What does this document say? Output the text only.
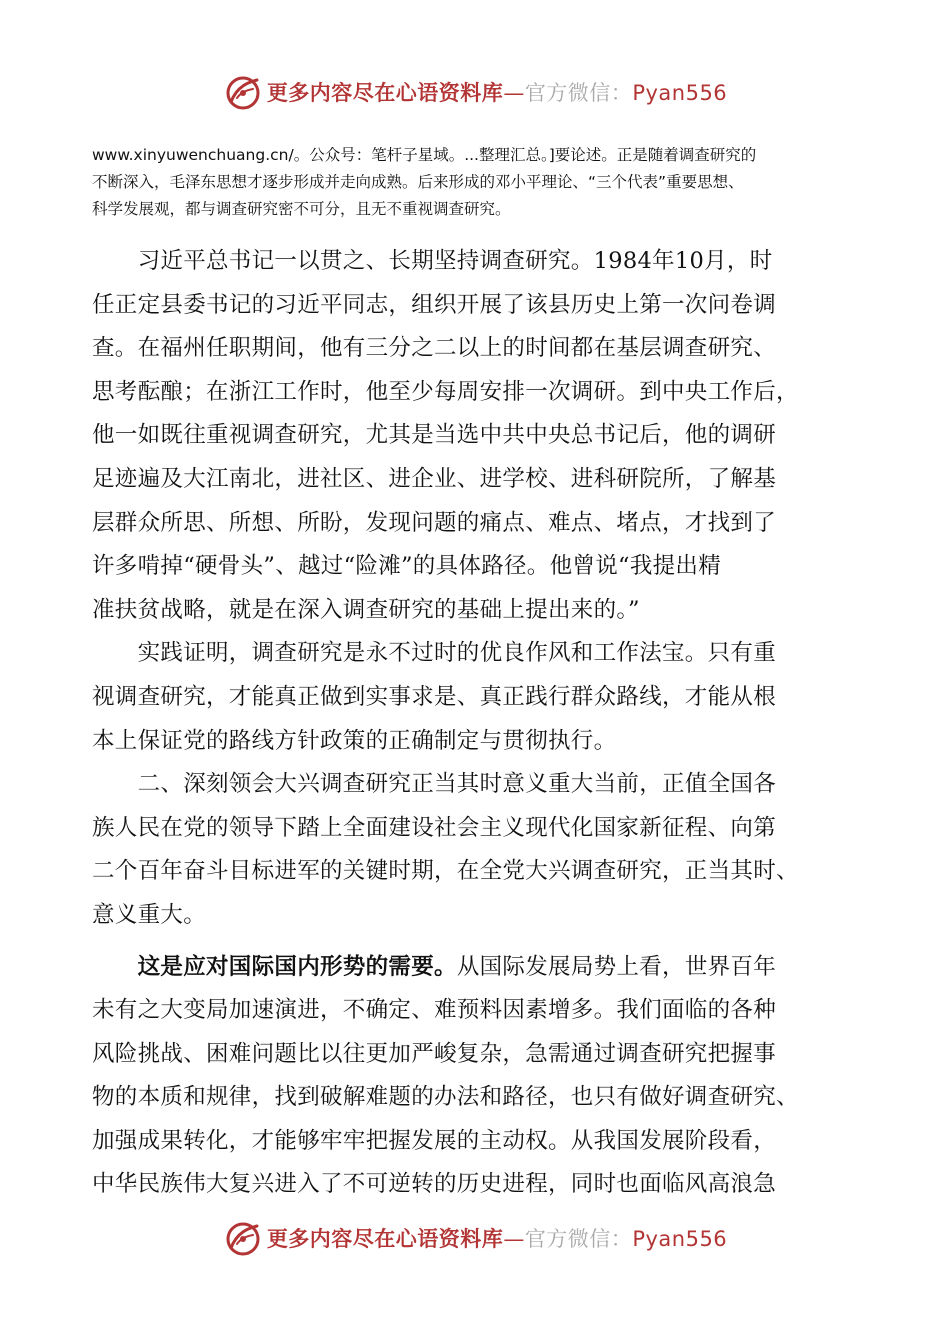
更多内容尽在心语资料库—官方微信：Pyan556
www.xinyuwenchuang.cn/。公众号：笔杆子星域。...整理汇总。]要论述。正是随着调查研究的
不断深入，毛泽东思想才逐步形成并走向成熟。后来形成的邓小平理论、“三个代表”重要思想、
科学发展观，都与调查研究密不可分，且无不重视调查研究。

　　习近平总书记一以贯之、长期坚持调查研究。1984年10月，时
任正定县委书记的习近平同志，组织开展了该县历史上第一次问卷调
查。在福州任职期间，他有三分之二以上的时间都在基层调查研究、
思考酝酿；在浙江工作时，他至少每周安排一次调研。到中央工作后，
他一如既往重视调查研究，尤其是当选中共中央总书记后，他的调研
足迹遍及大江南北，进社区、进企业、进学校、进科研院所，了解基
层群众所思、所想、所盼，发现问题的痛点、难点、堵点，才找到了
许多啃掉“硬骨头”、越过“险滩”的具体路径。他曾说“我提出精
准扶贫战略，就是在深入调查研究的基础上提出来的。”

　　实践证明，调查研究是永不过时的优良作风和工作法宝。只有重
视调查研究，才能真正做到实事求是、真正践行群众路线，才能从根
本上保证党的路线方针政策的正确制定与贯彻执行。

　　二、深刻领会大兴调查研究正当其时意义重大当前，正值全国各
族人民在党的领导下踏上全面建设社会主义现代化国家新征程、向第
二个百年奋斗目标进军的关键时期，在全党大兴调查研究，正当其时、
意义重大。

　　这是应对国际国内形势的需要。从国际发展局势上看，世界百年
未有之大变局加速演进，不确定、难预料因素增多。我们面临的各种
风险挑战、困难问题比以往更加严峻复杂，急需通过调查研究把握事
物的本质和规律，找到破解难题的办法和路径，也只有做好调查研究、
加强成果转化，才能够牢牢把握发展的主动权。从我国发展阶段看，
中华民族伟大复兴进入了不可逆转的历史进程，同时也面临风高浪急

更多内容尽在心语资料库—官方微信：Pyan556
